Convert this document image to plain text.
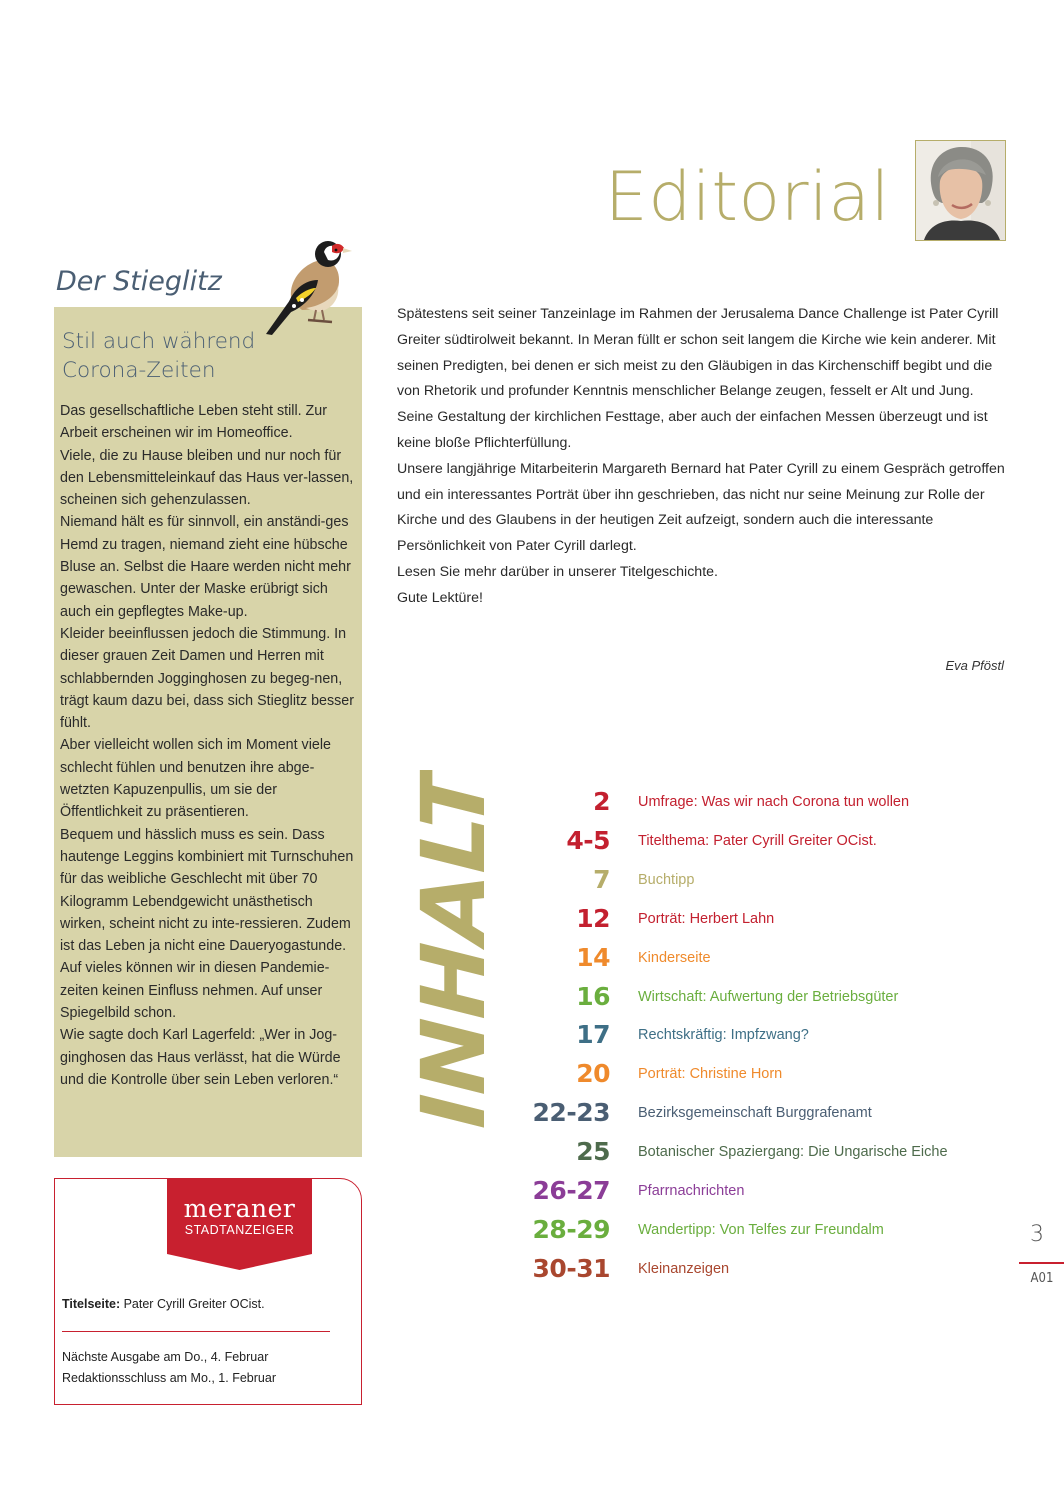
Editorial

Spätestens seit seiner Tanzeinlage im Rahmen der Jerusalema Dance Challenge ist Pater Cyrill Greiter südtirolweit bekannt. In Meran füllt er schon seit langem die Kirche wie kein anderer. Mit seinen Predigten, bei denen er sich meist zu den Gläubigen in das Kirchenschiff begibt und die von Rhetorik und profunder Kenntnis menschlicher Belange zeugen, fesselt er Alt und Jung. Seine Gestaltung der kirchlichen Festtage, aber auch der einfachen Messen überzeugt und ist keine bloße Pflichterfüllung.

Unsere langjährige Mitarbeiterin Margareth Bernard hat Pater Cyrill zu einem Gespräch getroffen und ein interessantes Porträt über ihn geschrieben, das nicht nur seine Meinung zur Rolle der Kirche und des Glaubens in der heutigen Zeit aufzeigt, sondern auch die interessante Persönlichkeit von Pater Cyrill darlegt.

Lesen Sie mehr darüber in unserer Titelgeschichte.

Gute Lektüre!

Eva Pföstl
Der Stieglitz
Stil auch während Corona-Zeiten

Das gesellschaftliche Leben steht still. Zur Arbeit erscheinen wir im Homeoffice.

Viele, die zu Hause bleiben und nur noch für den Lebensmitteleinkauf das Haus ver-lassen, scheinen sich gehenzulassen.

Niemand hält es für sinnvoll, ein anständi-ges Hemd zu tragen, niemand zieht eine hübsche Bluse an. Selbst die Haare werden nicht mehr gewaschen. Unter der Maske erübrigt sich auch ein gepflegtes Make-up.

Kleider beeinflussen jedoch die Stimmung. In dieser grauen Zeit Damen und Herren mit schlabbernden Jogginghosen zu begeg-nen, trägt kaum dazu bei, dass sich Stieglitz besser fühlt.

Aber vielleicht wollen sich im Moment viele schlecht fühlen und benutzen ihre abge-wetzten Kapuzenpullis, um sie der Öffentlichkeit zu präsentieren.

Bequem und hässlich muss es sein. Dass hautenge Leggins kombiniert mit Turnschuhen für das weibliche Geschlecht mit über 70 Kilogramm Lebendgewicht unästhetisch wirken, scheint nicht zu inte-ressieren. Zudem ist das Leben ja nicht eine Daueryogastunde.

Auf vieles können wir in diesen Pandemie-zeiten keinen Einfluss nehmen. Auf unser Spiegelbild schon.

Wie sagte doch Karl Lagerfeld: „Wer in Jog-ginghosen das Haus verlässt, hat die Würde und die Kontrolle über sein Leben verloren.“

meraner
STADTANZEIGER
Titelseite: Pater Cyrill Greiter OCist.
Nächste Ausgabe am Do., 4. Februar
Redaktionsschluss am Mo., 1. Februar
INHALT	2 Umfrage: Was wir nach Corona tun wollen
4-5 Titelthema: Pater Cyrill Greiter OCist.
7 Buchtipp
12 Porträt: Herbert Lahn
14 Kinderseite
16 Wirtschaft: Aufwertung der Betriebsgüter
17 Rechtskräftig: Impfzwang?
20 Porträt: Christine Horn
22-23 Bezirksgemeinschaft Burggrafenamt
25 Botanischer Spaziergang: Die Ungarische Eiche
26-27 Pfarrnachrichten
28-29 Wandertipp: Von Telfes zur Freundalm
30-31 Kleinanzeigen
3
A01
